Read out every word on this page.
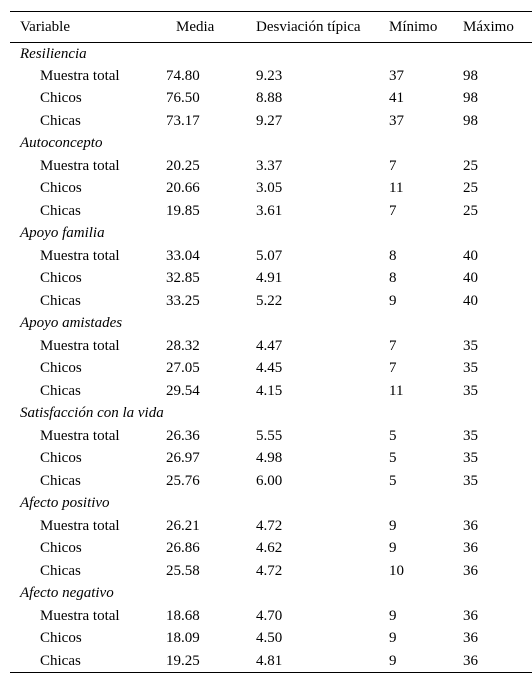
Variable	Media	Desviación típica	Mínimo	Máximo
Resiliencia				
Muestra total	74.80	9.23	37	98
Chicos	76.50	8.88	41	98
Chicas	73.17	9.27	37	98
Autoconcepto				
Muestra total	20.25	3.37	7	25
Chicos	20.66	3.05	11	25
Chicas	19.85	3.61	7	25
Apoyo familia				
Muestra total	33.04	5.07	8	40
Chicos	32.85	4.91	8	40
Chicas	33.25	5.22	9	40
Apoyo amistades				
Muestra total	28.32	4.47	7	35
Chicos	27.05	4.45	7	35
Chicas	29.54	4.15	11	35
Satisfacción con la vida				
Muestra total	26.36	5.55	5	35
Chicos	26.97	4.98	5	35
Chicas	25.76	6.00	5	35
Afecto positivo				
Muestra total	26.21	4.72	9	36
Chicos	26.86	4.62	9	36
Chicas	25.58	4.72	10	36
Afecto negativo				
Muestra total	18.68	4.70	9	36
Chicos	18.09	4.50	9	36
Chicas	19.25	4.81	9	36
